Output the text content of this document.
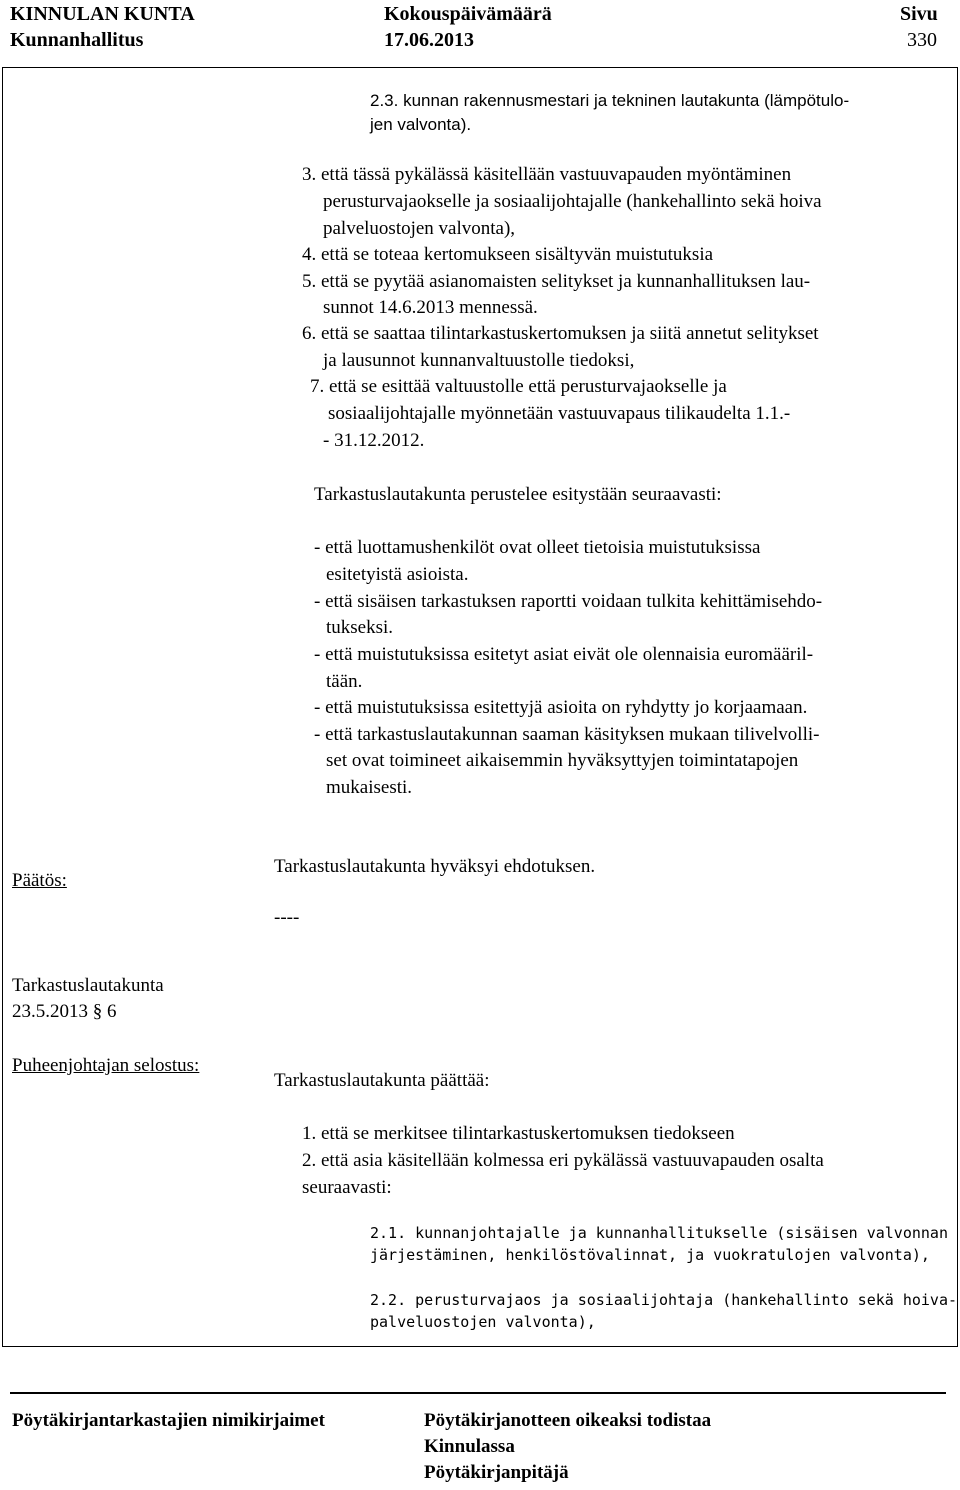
KINNULAN KUNTA
Kunnanhallitus
Kokouspäivämäärä
17.06.2013
Sivu
330
2.3. kunnan rakennusmestari ja tekninen lautakunta (lämpötulo-
jen valvonta).
3. että tässä pykälässä käsitellään vastuuvapauden myöntäminen
perusturvajaokselle ja sosiaalijohtajalle (hankehallinto sekä hoiva
palveluostojen valvonta),
4. että se toteaa kertomukseen sisältyvän muistutuksia
5. että se pyytää asianomaisten selitykset ja kunnanhallituksen lau-
sunnot 14.6.2013 mennessä.
6. että se saattaa tilintarkastuskertomuksen ja siitä annetut selitykset
ja lausunnot kunnanvaltuustolle tiedoksi,
7. että se esittää valtuustolle että perusturvajaokselle ja
sosiaalijohtajalle myönnetään vastuuvapaus tilikaudelta 1.1.-
- 31.12.2012.
Tarkastuslautakunta perustelee esitystään seuraavasti:
- että luottamushenkilöt ovat olleet tietoisia muistutuksissa
esitetyistä asioista.
- että sisäisen tarkastuksen raportti voidaan tulkita kehittämisehdo-
tukseksi.
- että muistutuksissa esitetyt asiat eivät ole olennaisia euromääril-
tään.
- että muistutuksissa esitettyjä asioita on ryhdytty jo korjaamaan.
- että tarkastuslautakunnan saaman käsityksen mukaan tilivelvolli-
set ovat toimineet aikaisemmin hyväksyttyjen toimintatapojen
mukaisesti.
Päätös:
Tarkastuslautakunta hyväksyi ehdotuksen.
----
Tarkastuslautakunta
23.5.2013 § 6
Puheenjohtajan selostus:
Tarkastuslautakunta päättää:
1. että se merkitsee tilintarkastuskertomuksen tiedokseen
2. että asia käsitellään kolmessa eri pykälässä vastuuvapauden osalta
seuraavasti:
2.1. kunnanjohtajalle ja kunnanhallitukselle (sisäisen valvonnan
järjestäminen, henkilöstövalinnat, ja vuokratulojen valvonta),
2.2. perusturvajaos ja sosiaalijohtaja (hankehallinto sekä hoiva-
palveluostojen valvonta),
Pöytäkirjantarkastajien nimikirjaimet	Pöytäkirjanotteen oikeaksi todistaa
Kinnulassa
Pöytäkirjanpitäjä
